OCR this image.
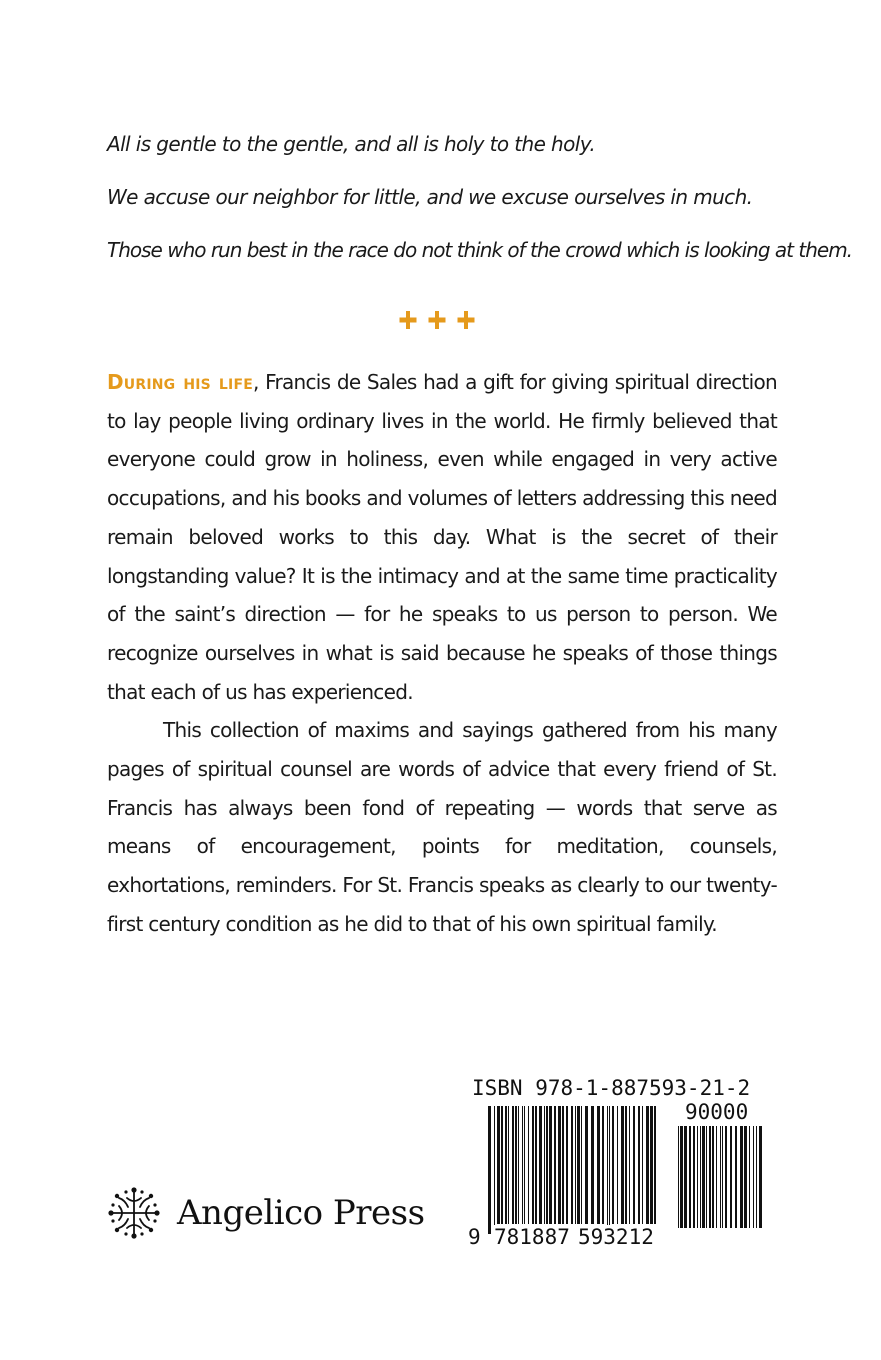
All is gentle to the gentle, and all is holy to the holy.

We accuse our neighbor for little, and we excuse ourselves in much.

Those who run best in the race do not think of the crowd which is looking at them.

During his life, Francis de Sales had a gift for giving spiritual direction to lay people living ordinary lives in the world. He firmly believed that everyone could grow in holiness, even while engaged in very active occupations, and his books and volumes of letters addressing this need remain beloved works to this day. What is the secret of their longstanding value? It is the intimacy and at the same time practicality of the saint’s direction — for he speaks to us person to person. We recognize ourselves in what is said because he speaks of those things that each of us has experienced.

This collection of maxims and sayings gathered from his many pages of spiritual counsel are words of advice that every friend of St. Francis has always been fond of repeating — words that serve as means of encouragement, points for meditation, counsels, exhortations, reminders. For St. Francis speaks as clearly to our twenty-first century condition as he did to that of his own spiritual family.

Angelico Press
ISBN 978-1-887593-21-2
90000
9 781887 593212
